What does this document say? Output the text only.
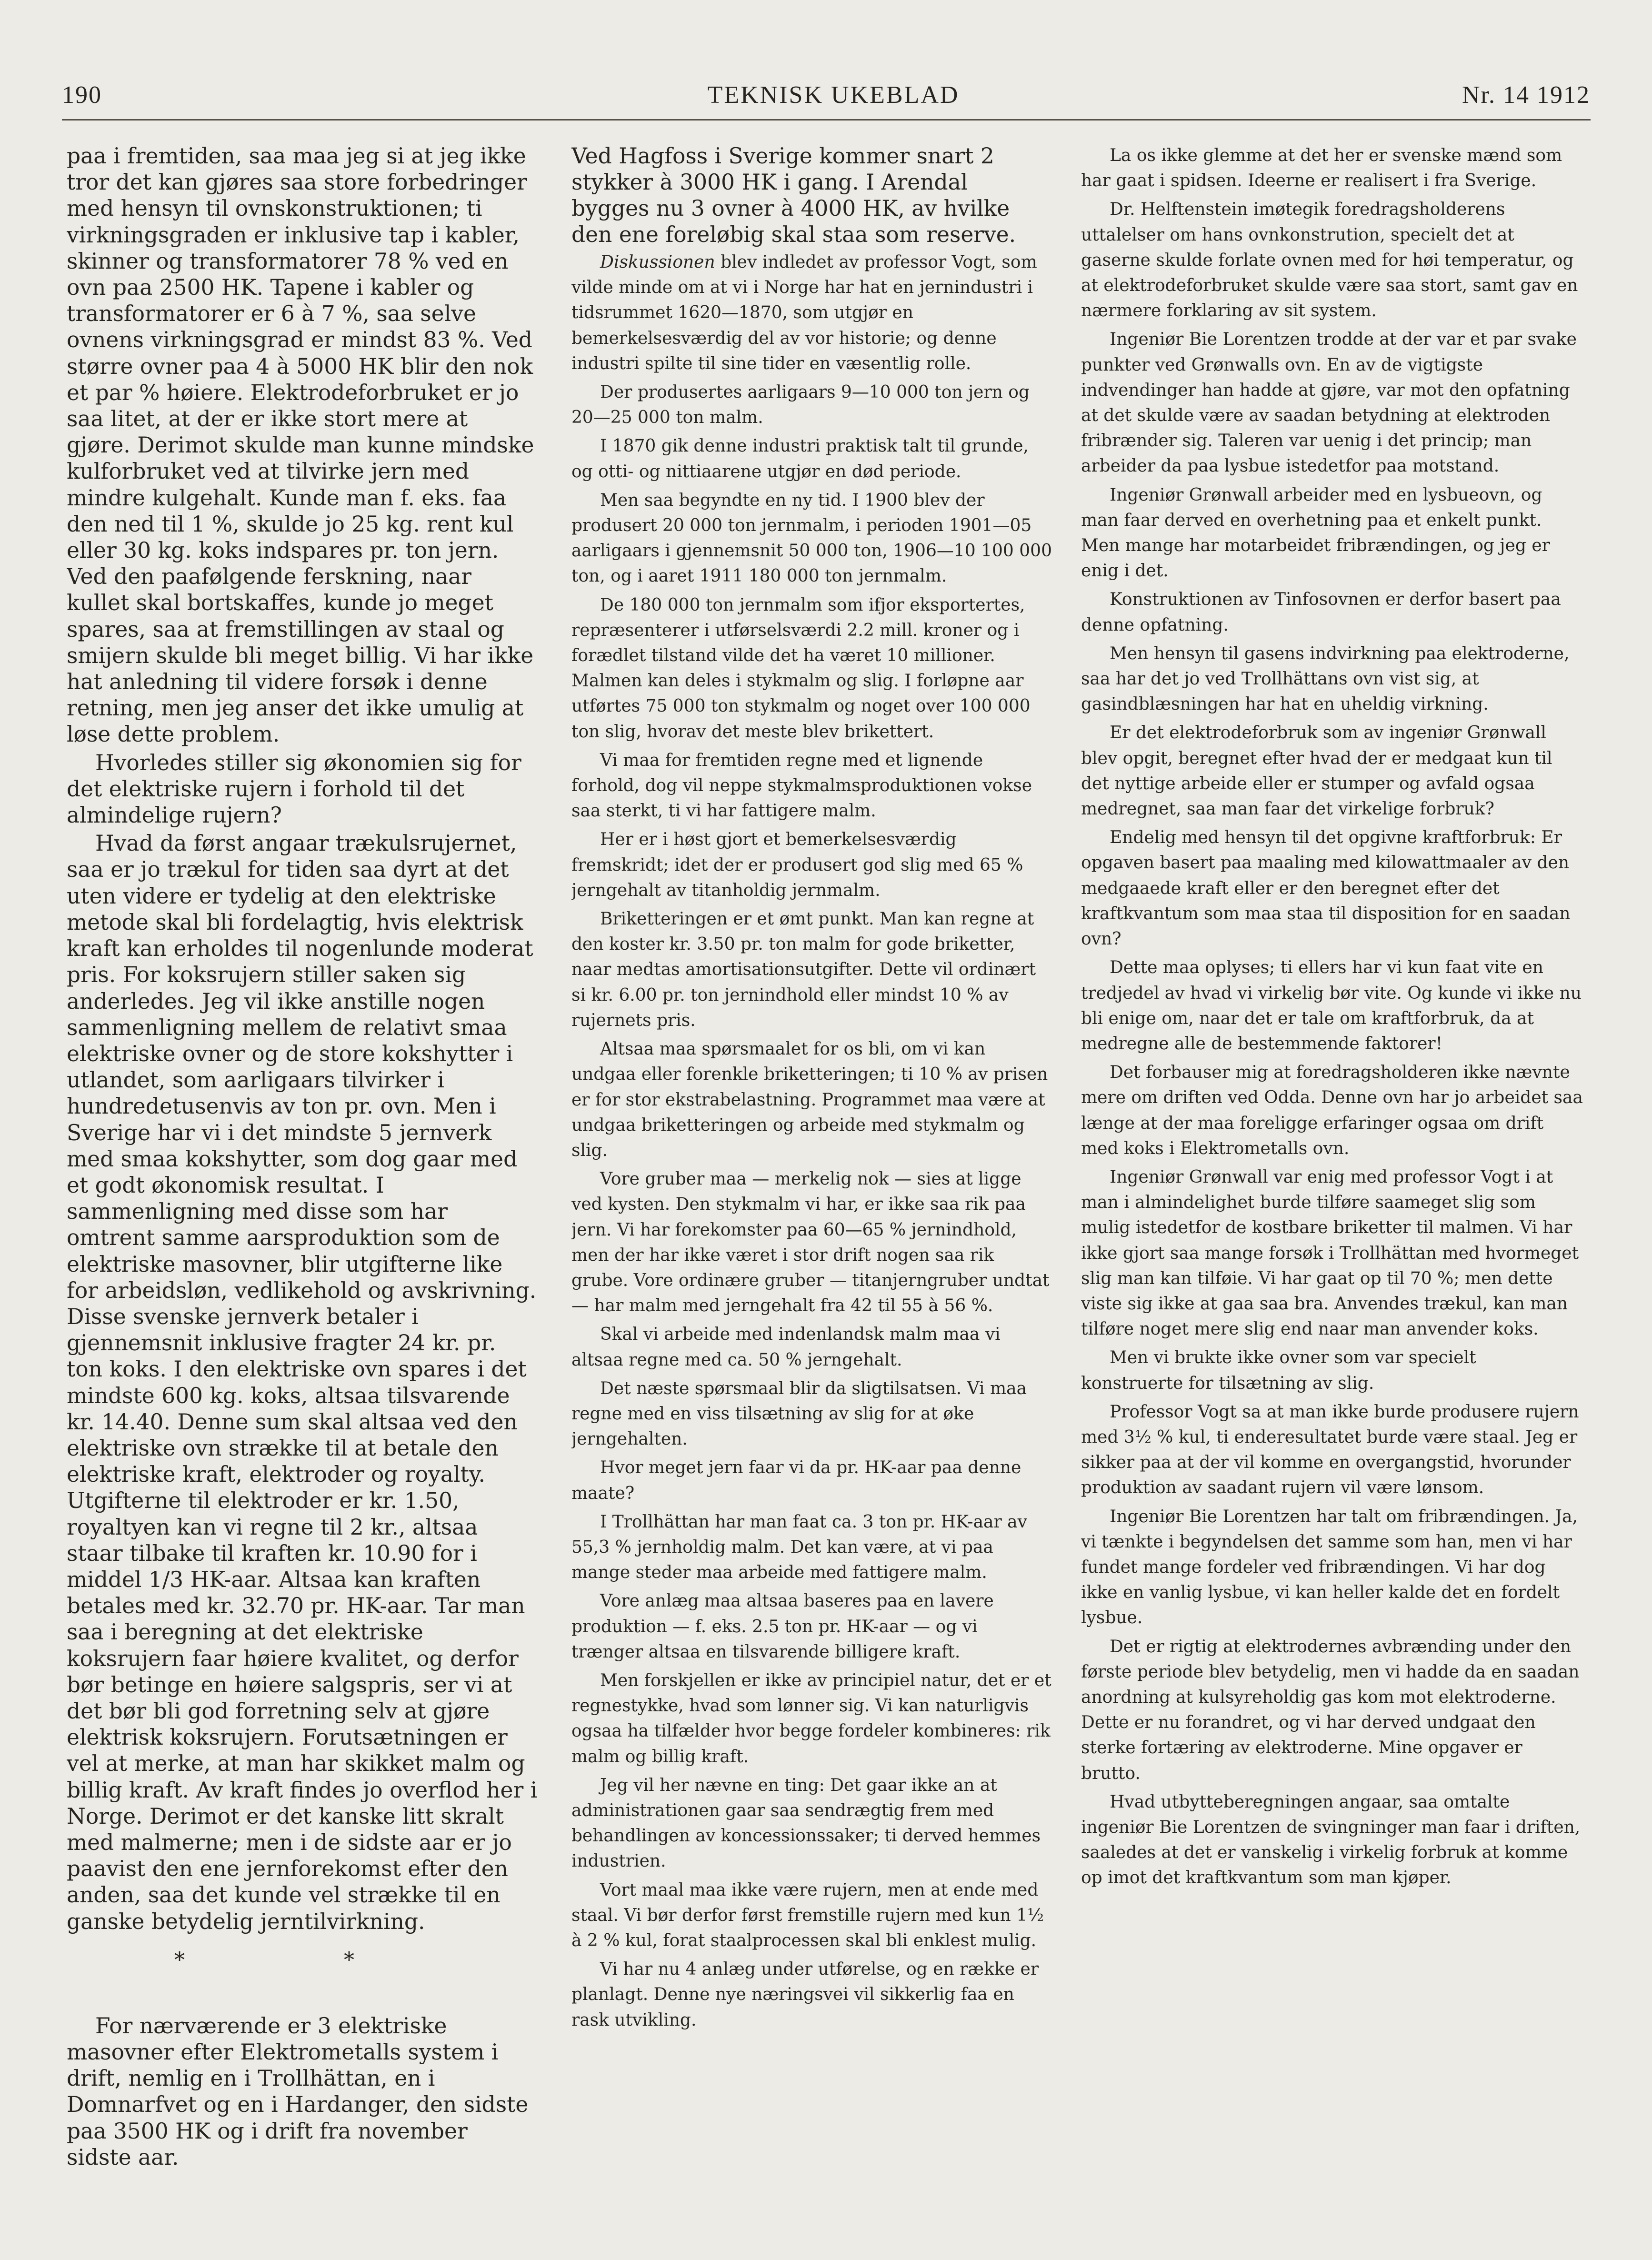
190	TEKNISK UKEBLAD	Nr. 14 1912

paa i fremtiden, saa maa jeg si at jeg ikke tror det kan gjøres saa store forbedringer med hensyn til ovnskonstruktionen; ti virkningsgraden er inklusive tap i kabler, skinner og transformatorer 78 % ved en ovn paa 2500 HK. Tapene i kabler og transformatorer er 6 à 7 %, saa selve ovnens virkningsgrad er mindst 83 %. Ved større ovner paa 4 à 5000 HK blir den nok et par % høiere. Elektrodeforbruket er jo saa litet, at der er ikke stort mere at gjøre. Derimot skulde man kunne mindske kulforbruket ved at tilvirke jern med mindre kulgehalt. Kunde man f. eks. faa den ned til 1 %, skulde jo 25 kg. rent kul eller 30 kg. koks indspares pr. ton jern. Ved den paafølgende ferskning, naar kullet skal bortskaffes, kunde jo meget spares, saa at fremstillingen av staal og smijern skulde bli meget billig. Vi har ikke hat anledning til videre forsøk i denne retning, men jeg anser det ikke umulig at løse dette problem.

Hvorledes stiller sig økonomien sig for det elektriske rujern i forhold til det almindelige rujern?

Hvad da først angaar trækulsrujernet, saa er jo trækul for tiden saa dyrt at det uten videre er tydelig at den elektriske metode skal bli fordelagtig, hvis elektrisk kraft kan erholdes til nogenlunde moderat pris. For koksrujern stiller saken sig anderledes. Jeg vil ikke anstille nogen sammenligning mellem de relativt smaa elektriske ovner og de store kokshytter i utlandet, som aarligaars tilvirker i hundredetusenvis av ton pr. ovn. Men i Sverige har vi i det mindste 5 jernverk med smaa kokshytter, som dog gaar med et godt økonomisk resultat. I sammenligning med disse som har omtrent samme aarsproduktion som de elektriske masovner, blir utgifterne like for arbeidsløn, vedlikehold og avskrivning. Disse svenske jernverk betaler i gjennemsnit inklusive fragter 24 kr. pr. ton koks. I den elektriske ovn spares i det mindste 600 kg. koks, altsaa tilsvarende kr. 14.40. Denne sum skal altsaa ved den elektriske ovn strække til at betale den elektriske kraft, elektroder og royalty. Utgifterne til elektroder er kr. 1.50, royaltyen kan vi regne til 2 kr., altsaa staar tilbake til kraften kr. 10.90 for i middel 1/3 HK-aar. Altsaa kan kraften betales med kr. 32.70 pr. HK-aar. Tar man saa i beregning at det elektriske koksrujern faar høiere kvalitet, og derfor bør betinge en høiere salgspris, ser vi at det bør bli god forretning selv at gjøre elektrisk koksrujern. Forutsætningen er vel at merke, at man har skikket malm og billig kraft. Av kraft findes jo overflod her i Norge. Derimot er det kanske litt skralt med malmerne; men i de sidste aar er jo paavist den ene jernforekomst efter den anden, saa det kunde vel strække til en ganske betydelig jerntilvirkning.

* *

For nærværende er 3 elektriske masovner efter Elektrometalls system i drift, nemlig en i Trollhättan, en i Domnarfvet og en i Hardanger, den sidste paa 3500 HK og i drift fra november sidste aar.

Ved Hagfoss i Sverige kommer snart 2 stykker à 3000 HK i gang. I Arendal bygges nu 3 ovner à 4000 HK, av hvilke den ene foreløbig skal staa som reserve.

Diskussionen blev indledet av professor Vogt, som vilde minde om at vi i Norge har hat en jernindustri i tidsrummet 1620—1870, som utgjør en bemerkelsesværdig del av vor historie; og denne industri spilte til sine tider en væsentlig rolle.

Der produsertes aarligaars 9—10 000 ton jern og 20—25 000 ton malm.

I 1870 gik denne industri praktisk talt til grunde, og otti- og nittiaarene utgjør en død periode.

Men saa begyndte en ny tid. I 1900 blev der produsert 20 000 ton jernmalm, i perioden 1901—05 aarligaars i gjennemsnit 50 000 ton, 1906—10 100 000 ton, og i aaret 1911 180 000 ton jernmalm.

De 180 000 ton jernmalm som ifjor eksportertes, repræsenterer i utførselsværdi 2.2 mill. kroner og i forædlet tilstand vilde det ha været 10 millioner. Malmen kan deles i stykmalm og slig. I forløpne aar utførtes 75 000 ton stykmalm og noget over 100 000 ton slig, hvorav det meste blev brikettert.

Vi maa for fremtiden regne med et lignende forhold, dog vil neppe stykmalmsproduktionen vokse saa sterkt, ti vi har fattigere malm.

Her er i høst gjort et bemerkelsesværdig fremskridt; idet der er produsert god slig med 65 % jerngehalt av titanholdig jernmalm.

Briketteringen er et ømt punkt. Man kan regne at den koster kr. 3.50 pr. ton malm for gode briketter, naar medtas amortisationsutgifter. Dette vil ordinært si kr. 6.00 pr. ton jernindhold eller mindst 10 % av rujernets pris.

Altsaa maa spørsmaalet for os bli, om vi kan undgaa eller forenkle briketteringen; ti 10 % av prisen er for stor ekstrabelastning. Programmet maa være at undgaa briketteringen og arbeide med stykmalm og slig.

Vore gruber maa — merkelig nok — sies at ligge ved kysten. Den stykmalm vi har, er ikke saa rik paa jern. Vi har forekomster paa 60—65 % jernindhold, men der har ikke været i stor drift nogen saa rik grube. Vore ordinære gruber — titanjerngruber undtat — har malm med jerngehalt fra 42 til 55 à 56 %.

Skal vi arbeide med indenlandsk malm maa vi altsaa regne med ca. 50 % jerngehalt.

Det næste spørsmaal blir da sligtilsatsen. Vi maa regne med en viss tilsætning av slig for at øke jerngehalten.

Hvor meget jern faar vi da pr. HK-aar paa denne maate?

I Trollhättan har man faat ca. 3 ton pr. HK-aar av 55,3 % jernholdig malm. Det kan være, at vi paa mange steder maa arbeide med fattigere malm.

Vore anlæg maa altsaa baseres paa en lavere produktion — f. eks. 2.5 ton pr. HK-aar — og vi trænger altsaa en tilsvarende billigere kraft.

Men forskjellen er ikke av principiel natur, det er et regnestykke, hvad som lønner sig. Vi kan naturligvis ogsaa ha tilfælder hvor begge fordeler kombineres: rik malm og billig kraft.

Jeg vil her nævne en ting: Det gaar ikke an at administrationen gaar saa sendrægtig frem med behandlingen av koncessionssaker; ti derved hemmes industrien.

Vort maal maa ikke være rujern, men at ende med staal. Vi bør derfor først fremstille rujern med kun 1½ à 2 % kul, forat staalprocessen skal bli enklest mulig.

Vi har nu 4 anlæg under utførelse, og en række er planlagt. Denne nye næringsvei vil sikkerlig faa en rask utvikling.

La os ikke glemme at det her er svenske mænd som har gaat i spidsen. Ideerne er realisert i fra Sverige.

Dr. Helftenstein imøtegik foredragsholderens uttalelser om hans ovnkonstrution, specielt det at gaserne skulde forlate ovnen med for høi temperatur, og at elektrodeforbruket skulde være saa stort, samt gav en nærmere forklaring av sit system.

Ingeniør Bie Lorentzen trodde at der var et par svake punkter ved Grønwalls ovn. En av de vigtigste indvendinger han hadde at gjøre, var mot den opfatning at det skulde være av saadan betydning at elektroden fribrænder sig. Taleren var uenig i det princip; man arbeider da paa lysbue istedetfor paa motstand.

Ingeniør Grønwall arbeider med en lysbueovn, og man faar derved en overhetning paa et enkelt punkt. Men mange har motarbeidet fribrændingen, og jeg er enig i det.

Konstruktionen av Tinfosovnen er derfor basert paa denne opfatning.

Men hensyn til gasens indvirkning paa elektroderne, saa har det jo ved Trollhättans ovn vist sig, at gasindblæsningen har hat en uheldig virkning.

Er det elektrodeforbruk som av ingeniør Grønwall blev opgit, beregnet efter hvad der er medgaat kun til det nyttige arbeide eller er stumper og avfald ogsaa medregnet, saa man faar det virkelige forbruk?

Endelig med hensyn til det opgivne kraftforbruk: Er opgaven basert paa maaling med kilowattmaaler av den medgaaede kraft eller er den beregnet efter det kraftkvantum som maa staa til disposition for en saadan ovn?

Dette maa oplyses; ti ellers har vi kun faat vite en tredjedel av hvad vi virkelig bør vite. Og kunde vi ikke nu bli enige om, naar det er tale om kraftforbruk, da at medregne alle de bestemmende faktorer!

Det forbauser mig at foredragsholderen ikke nævnte mere om driften ved Odda. Denne ovn har jo arbeidet saa længe at der maa foreligge erfaringer ogsaa om drift med koks i Elektrometalls ovn.

Ingeniør Grønwall var enig med professor Vogt i at man i almindelighet burde tilføre saameget slig som mulig istedetfor de kostbare briketter til malmen. Vi har ikke gjort saa mange forsøk i Trollhättan med hvormeget slig man kan tilføie. Vi har gaat op til 70 %; men dette viste sig ikke at gaa saa bra. Anvendes trækul, kan man tilføre noget mere slig end naar man anvender koks.

Men vi brukte ikke ovner som var specielt konstruerte for tilsætning av slig.

Professor Vogt sa at man ikke burde produsere rujern med 3½ % kul, ti enderesultatet burde være staal. Jeg er sikker paa at der vil komme en overgangstid, hvorunder produktion av saadant rujern vil være lønsom.

Ingeniør Bie Lorentzen har talt om fribrændingen. Ja, vi tænkte i begyndelsen det samme som han, men vi har fundet mange fordeler ved fribrændingen. Vi har dog ikke en vanlig lysbue, vi kan heller kalde det en fordelt lysbue.

Det er rigtig at elektrodernes avbrænding under den første periode blev betydelig, men vi hadde da en saadan anordning at kulsyreholdig gas kom mot elektroderne. Dette er nu forandret, og vi har derved undgaat den sterke fortæring av elektroderne. Mine opgaver er brutto.

Hvad utbytteberegningen angaar, saa omtalte ingeniør Bie Lorentzen de svingninger man faar i driften, saaledes at det er vanskelig i virkelig forbruk at komme op imot det kraftkvantum som man kjøper.
